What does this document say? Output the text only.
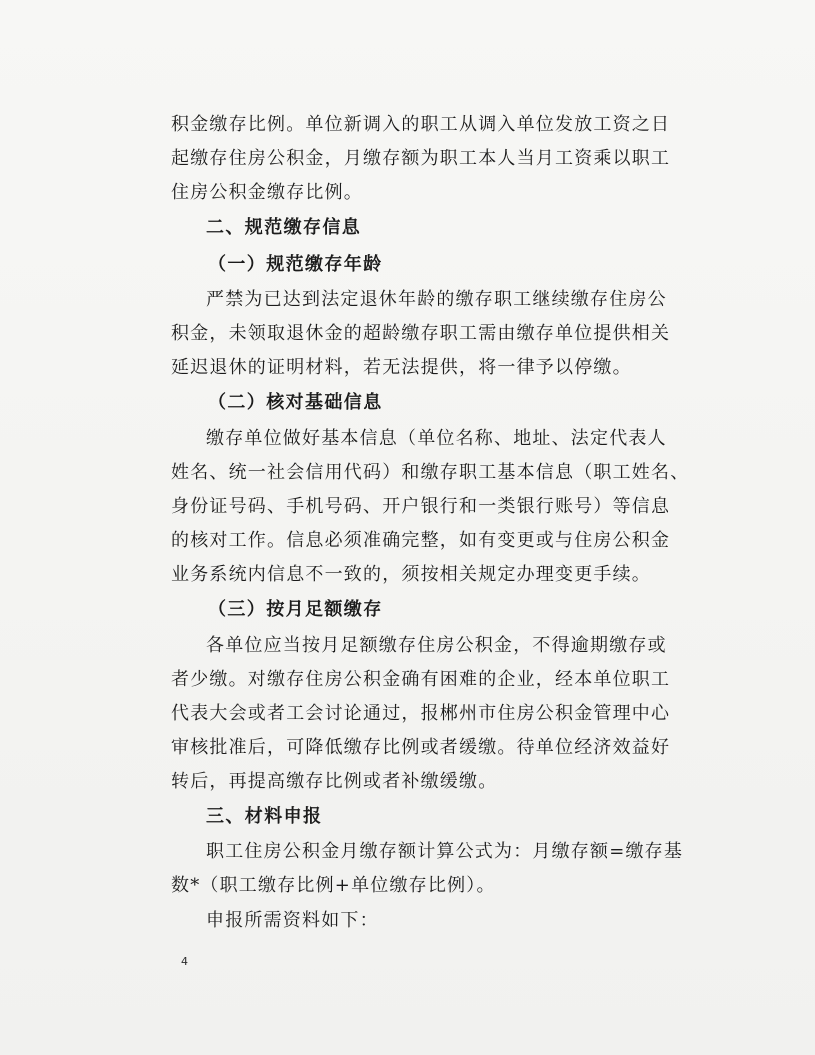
积金缴存比例。单位新调入的职工从调入单位发放工资之日
起缴存住房公积金，月缴存额为职工本人当月工资乘以职工
住房公积金缴存比例。
二、规范缴存信息
（一）规范缴存年龄
严禁为已达到法定退休年龄的缴存职工继续缴存住房公
积金，未领取退休金的超龄缴存职工需由缴存单位提供相关
延迟退休的证明材料，若无法提供，将一律予以停缴。
（二）核对基础信息
缴存单位做好基本信息（单位名称、地址、法定代表人
姓名、统一社会信用代码）和缴存职工基本信息（职工姓名、
身份证号码、手机号码、开户银行和一类银行账号）等信息
的核对工作。信息必须准确完整，如有变更或与住房公积金
业务系统内信息不一致的，须按相关规定办理变更手续。
（三）按月足额缴存
各单位应当按月足额缴存住房公积金，不得逾期缴存或
者少缴。对缴存住房公积金确有困难的企业，经本单位职工
代表大会或者工会讨论通过，报郴州市住房公积金管理中心
审核批准后，可降低缴存比例或者缓缴。待单位经济效益好
转后，再提高缴存比例或者补缴缓缴。
三、材料申报
职工住房公积金月缴存额计算公式为：月缴存额=缴存基
数*（职工缴存比例+单位缴存比例）。
申报所需资料如下：
4
